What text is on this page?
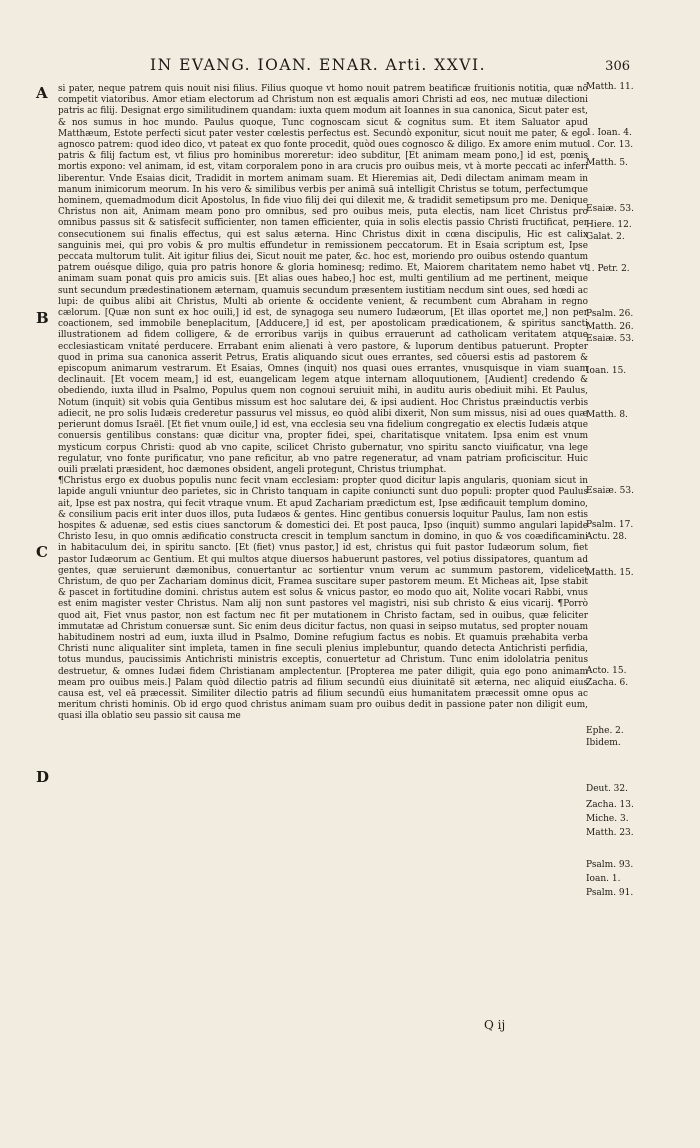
IN EVANG. IOAN. ENAR. Arti. XXVI.	306
A
B
C
D

si pater, neque patrem quis nouit nisi filius. Filius quoque vt homo nouit patrem beatificæ fruitionis notitia, quæ nō competit viatoribus. Amor etiam electorum ad Christum non est æqualis amori Christi ad eos, nec mutuæ dilectioni patris ac filij. Designat ergo similitudinem quandam: iuxta quem modum ait Ioannes in sua canonica, Sicut pater est, & nos sumus in hoc mundo. Paulus quoque, Tunc cognoscam sicut & cognitus sum. Et item Saluator apud Matthæum, Estote perfecti sicut pater vester cœlestis perfectus est. Secundò exponitur, sicut nouit me pater, & ego agnosco patrem: quod ideo dico, vt pateat ex quo fonte procedit, quòd oues cognosco & diligo. Ex amore enim mutuo patris & filij factum est, vt filius pro hominibus moreretur: ideo subditur, [Et animam meam pono,] id est, pœnis mortis expono: vel animam, id est, vitam corporalem pono in ara crucis pro ouibus meis, vt à morte peccati ac inferi liberentur. Vnde Esaias dicit, Tradidit in mortem animam suam. Et Hieremias ait, Dedi dilectam animam meam in manum inimicorum meorum. In his vero & similibus verbis per animā suā intelligit Christus se totum, perfectumque hominem, quemadmodum dicit Apostolus, In fide viuo filij dei qui dilexit me, & tradidit semetipsum pro me. Denique Christus non ait, Animam meam pono pro omnibus, sed pro ouibus meis, puta electis, nam licet Christus pro omnibus passus sit & satisfecit sufficienter, non tamen efficienter, quia in solis electis passio Christi fructificat, per consecutionem sui finalis effectus, qui est salus æterna. Hinc Christus dixit in cœna discipulis, Hic est calix sanguinis mei, qui pro vobis & pro multis effundetur in remissionem peccatorum. Et in Esaia scriptum est, Ipse peccata multorum tulit. Ait igitur filius dei, Sicut nouit me pater, &c. hoc est, moriendo pro ouibus ostendo quantum patrem ouésque diligo, quia pro patris honore & gloria hominesq; redimo. Et, Maiorem charitatem nemo habet vt animam suam ponat quis pro amicis suis. [Et alias oues habeo,] hoc est, multi gentilium ad me pertinent, meique sunt secundum prædestinationem æternam, quamuis secundum præsentem iustitiam necdum sint oues, sed hœdi ac lupi: de quibus alibi ait Christus, Multi ab oriente & occidente venient, & recumbent cum Abraham in regno cælorum. [Quæ non sunt ex hoc ouili,] id est, de synagoga seu numero Iudæorum, [Et illas oportet me,] non per coactionem, sed immobile beneplacitum, [Adducere,] id est, per apostolicam prædicationem, & spiritus sancti illustrationem ad fidem colligere, & de erroribus varijs in quibus errauerunt ad catholicam veritatem atque ecclesiasticam vnitaté perducere. Errabant enim alienati à vero pastore, & luporum dentibus patuerunt. Propter quod in prima sua canonica asserit Petrus, Eratis aliquando sicut oues errantes, sed cōuersi estis ad pastorem & episcopum animarum vestrarum. Et Esaias, Omnes (inquit) nos quasi oues errantes, vnusquisque in viam suam declinauit. [Et vocem meam,] id est, euangelicam legem atque internam alloquutionem, [Audient] credendo & obediendo, iuxta illud in Psalmo, Populus quem non cognoui seruiuit mihi, in auditu auris obediuit mihi. Et Paulus, Notum (inquit) sit vobis quia Gentibus missum est hoc salutare dei, & ipsi audient. Hoc Christus præinductis verbis adiecit, ne pro solis Iudæis crederetur passurus vel missus, eo quòd alibi dixerit, Non sum missus, nisi ad oues quæ perierunt domus Israël. [Et fiet vnum ouile,] id est, vna ecclesia seu vna fidelium congregatio ex electis Iudæis atque conuersis gentilibus constans: quæ dicitur vna, propter fidei, spei, charitatisque vnitatem. Ipsa enim est vnum mysticum corpus Christi: quod ab vno capite, scilicet Christo gubernatur, vno spiritu sancto viuificatur, vna lege regulatur, vno fonte purificatur, vno pane reficitur, ab vno patre regeneratur, ad vnam patriam proficiscitur. Huic ouili prælati præsident, hoc dæmones obsident, angeli protegunt, Christus triumphat.

¶Christus ergo ex duobus populis nunc fecit vnam ecclesiam: propter quod dicitur lapis angularis, quoniam sicut in lapide anguli vniuntur deo parietes, sic in Christo tanquam in capite coniuncti sunt duo populi: propter quod Paulus ait, Ipse est pax nostra, qui fecit vtraque vnum. Et apud Zachariam prædictum est, Ipse ædificauit templum domino, & consilium pacis erit inter duos illos, puta Iudæos & gentes. Hinc gentibus conuersis loquitur Paulus, Iam non estis hospites & aduenæ, sed estis ciues sanctorum & domestici dei. Et post pauca, Ipso (inquit) summo angulari lapide Christo Iesu, in quo omnis ædificatio constructa crescit in templum sanctum in domino, in quo & vos coædificamini in habitaculum dei, in spiritu sancto. [Et (fiet) vnus pastor,] id est, christus qui fuit pastor Iudæorum solum, fiet pastor Iudæorum ac Gentium. Et qui multos atque diuersos habuerunt pastores, vel potius dissipatores, quantum ad gentes, quæ seruierunt dæmonibus, conuertantur ac sortientur vnum verum ac summum pastorem, videlicet Christum, de quo per Zachariam dominus dicit, Framea suscitare super pastorem meum. Et Micheas ait, Ipse stabit & pascet in fortitudine domini. christus autem est solus & vnicus pastor, eo modo quo ait, Nolite vocari Rabbi, vnus est enim magister vester Christus. Nam alij non sunt pastores vel magistri, nisi sub christo & eius vicarij. ¶Porrò quod ait, Fiet vnus pastor, non est factum nec fit per mutationem in Christo factam, sed in ouibus, quæ feliciter immutatæ ad Christum conuersæ sunt. Sic enim deus dicitur factus, non quasi in seipso mutatus, sed propter nouam habitudinem nostri ad eum, iuxta illud in Psalmo, Domine refugium factus es nobis. Et quamuis præhabita verba Christi nunc aliqualiter sint impleta, tamen in fine seculi plenius implebuntur, quando detecta Antichristi perfidia, totus mundus, paucissimis Antichristi ministris exceptis, conuertetur ad Christum. Tunc enim idololatria penitus destruetur, & omnes Iudæi fidem Christianam amplectentur. [Propterea me pater diligit, quia ego pono animam meam pro ouibus meis.] Palam quòd dilectio patris ad filium secundū eius diuinitatē sit æterna, nec aliquid eius causa est, vel eā præcessit. Similiter dilectio patris ad filium secundū eius humanitatem præcessit omne opus ac meritum christi hominis. Ob id ergo quod christus animam suam pro ouibus dedit in passione pater non diligit eum, quasi illa oblatio seu passio sit causa me

Matth. 11.
1. Ioan. 4.
1. Cor. 13.
Matth. 5.
Esaiæ. 53.
Hiere. 12.
Galat. 2.
1. Petr. 2.
Psalm. 26.
Matth. 26.
Esaiæ. 53.
Ioan. 15.
Matth. 8.
Esaiæ. 53.
Psalm. 17.
Actu. 28.
Matth. 15.
Acto. 15.
Zacha. 6.
Ephe. 2.
Ibidem.
Deut. 32.
Zacha. 13.
Miche. 3.
Matth. 23.
Psalm. 93.
Ioan. 1.
Psalm. 91.
Q ij
